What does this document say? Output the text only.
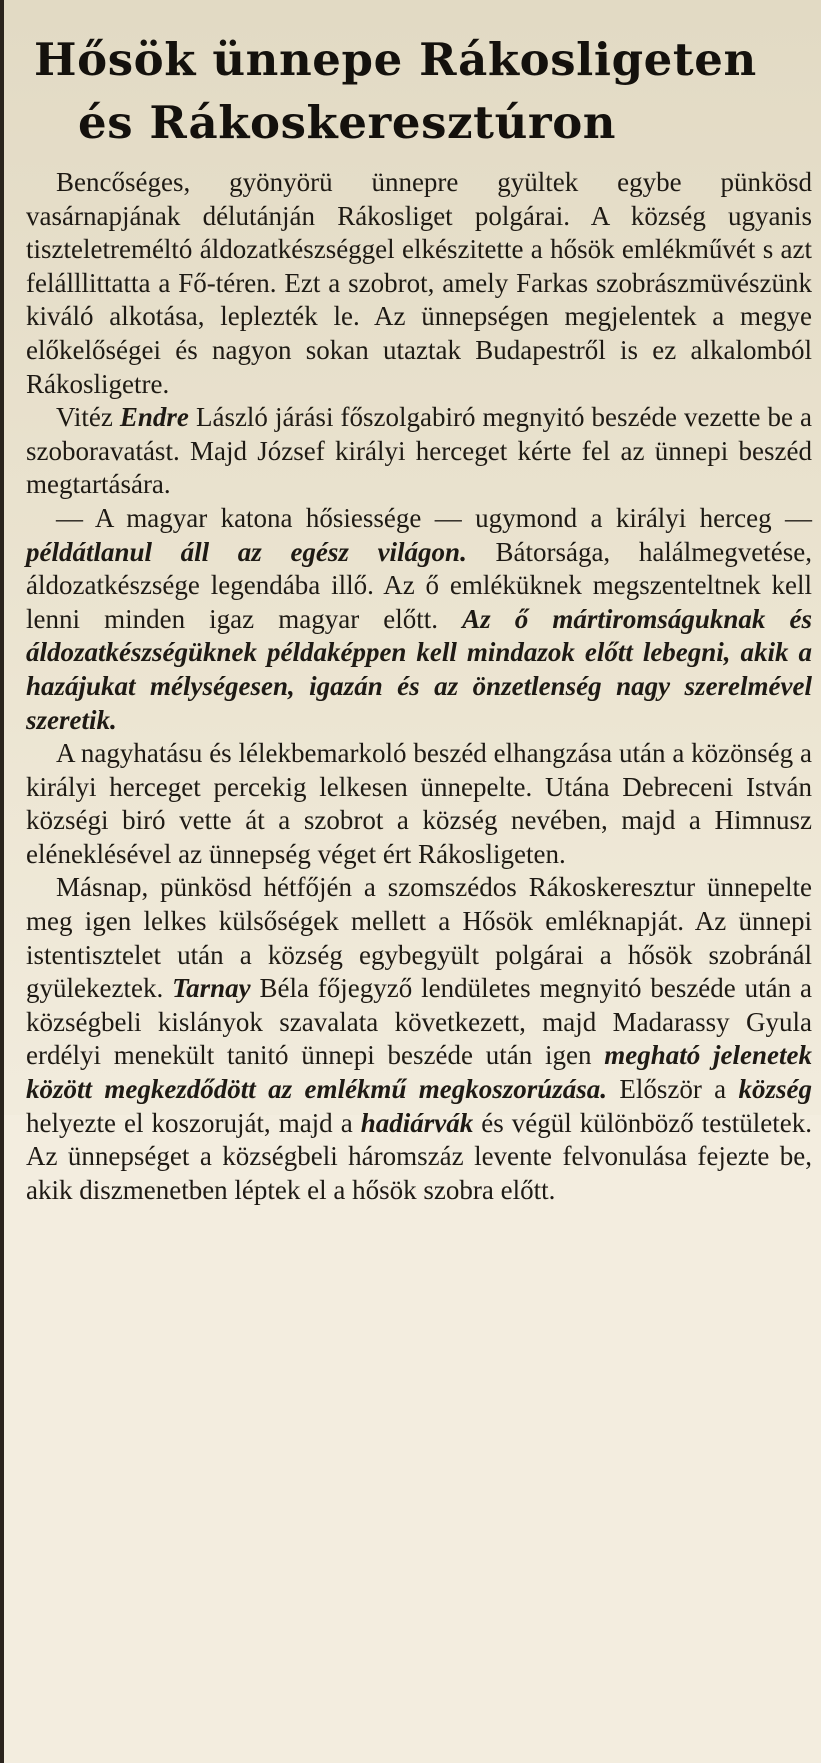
Hősök ünnepe Rákosligeten
és Rákoskeresztúron

Benсőséges, gyönyörü ünnepre gyültek egybe pünkösd vasárnapjának délutánján Rákosliget polgárai. A község ugyanis tiszteletreméltó áldozatkészséggel elkészitette a hősök emlékművét s azt felálllittatta a Fő-téren. Ezt a szobrot, amely Farkas szobrászmüvészünk kiváló alkotása, leplezték le. Az ünnepségen megjelentek a megye előkelőségei és nagyon sokan utaztak Budapestről is ez alkalomból Rákosligetre.

Vitéz Endre László járási főszolgabiró megnyitó beszéde vezette be a szoboravatást. Majd József királyi herceget kérte fel az ünnepi beszéd megtartására.

— A magyar katona hősiessége — ugymond a királyi herceg — példátlanul áll az egész világon. Bátorsága, halálmegvetése, áldozatkészsége legendába illő. Az ő emléküknek megszenteltnek kell lenni minden igaz magyar előtt. Az ő mártiromságuknak és áldozatkészségüknek példaképpen kell mindazok előtt lebegni, akik a hazájukat mélységesen, igazán és az önzetlenség nagy szerelmével szeretik.

A nagyhatásu és lélekbemarkoló beszéd elhangzása után a közönség a királyi herceget percekig lelkesen ünnepelte. Utána Debreceni István községi biró vette át a szobrot a község nevében, majd a Himnusz eléneklésével az ünnepség véget ért Rákosligeten.

Másnap, pünkösd hétfőjén a szomszédos Rákoskeresztur ünnepelte meg igen lelkes külsőségek mellett a Hősök emléknapját. Az ünnepi istentisztelet után a község egybegyült polgárai a hősök szobránál gyülekeztek. Tarnay Béla főjegyző lendületes megnyitó beszéde után a községbeli kislányok szavalata következett, majd Madarassy Gyula erdélyi menekült tanitó ünnepi beszéde után igen megható jelenetek között megkezdődött az emlékmű megkoszorúzása. Először a község helyezte el koszoruját, majd a hadiárvák és végül különböző testületek. Az ünnepséget a községbeli háromszáz levente felvonulása fejezte be, akik diszmenetben léptek el a hősök szobra előtt.
